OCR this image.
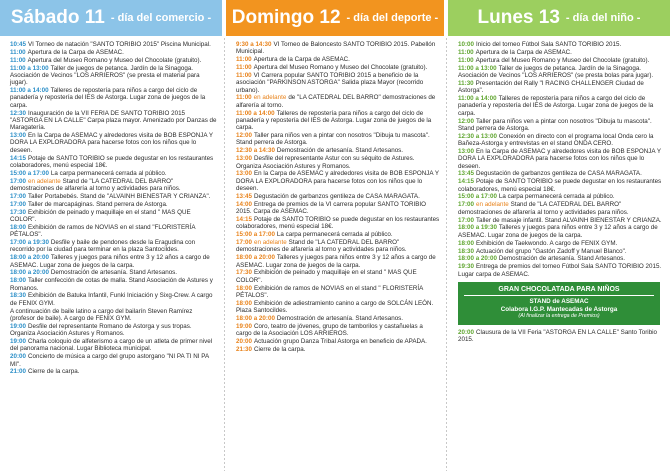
Sábado 11 - día del comercio -
10:45 VI Torneo de natación "SANTO TORIBIO 2015" Piscina Municipal.
11:00 Apertura de la Carpa de ASEMAC.
11:00 Apertura del Museo Romano y Museo del Chocolate (gratuito).
11:00 a 13:00 Taller de juegos de petanca. Jardín de la Sinagoga. Asociación de Vecinos "LOS ARRIEROS" (se presta el material para jugar).
11:00 a 14:00 Talleres de repostería para niños a cargo del ciclo de panadería y repostería del IES de Astorga. Lugar zona de juegos de la carpa.
12:30 Inauguración de la VII FERIA DE SANTO TORIBIO 2015 "ASTORGA EN LA CALLE" Carpa plaza mayor. Amenizado por Danzas de Maragatería.
13:00 En la Carpa de ASEMAC y alrededores visita de BOB ESPONJA Y DORA LA EXPLORADORA para hacerse fotos con los niños que lo deseen.
14:15 Potaje de SANTO TORIBIO se puede degustar en los restaurantes colaboradores, menú especial 18€.
15:00 a 17:00 La carpa permanecerá cerrada al público.
17:00 en adelante Stand de "LA CATEDRAL DEL BARRO" demostraciones de alfarería al torno y actividades para niños.
17:00 Taller Portabebés. Stand de "ALVAINH BIENESTAR Y CRIANZA".
17:00 Taller de marcapáginas. Stand perrera de Astorga.
17:30 Exhibición de peinado y maquillaje en el stand " MAS QUE COLOR".
18:00 Exhibición de ramos de NOVIAS en el stand "FLORISTERÍA PÉTALOS".
17:00 a 19:30 Desfile y baile de pendones desde la Eragudina con recorrido por la ciudad para terminar en la plaza Santocildes.
18:00 a 20:00 Talleres y juegos para niños entre 3 y 12 años a cargo de ASEMAC. Lugar zona de juegos de la carpa.
18:00 a 20:00 Demostración de artesanía. Stand Artesanos.
18:00 Taller confección de cotas de malla. Stand Asociación de Astures y Romanos.
18:30 Exhibición de Batuka Infantil, Funki Iniciación y Sixg-Crew. A cargo de FENIX GYM.
A continuación de baile latino a cargo del bailarín Steven Ramírez (profesor de baile). A cargo de FENIX GYM.
19:00 Desfile del representante Romano de Astorga y sus tropas. Organiza Asociación Astures y Romanos.
19:00 Charla coloquio de alfeterismo a cargo de un atleta de primer nivel del panorama nacional. Lugar Biblioteca municipal.
20:00 Concierto de música a cargo del grupo astorgano "NI PA TI NI PA MI".
21:00 Cierre de la carpa.
Domingo 12 - día del deporte -
9:30 a 14:30 VI Torneo de Baloncesto SANTO TORIBIO 2015. Pabellón Municipal.
11:00 Apertura de la Carpa de ASEMAC.
11:00 Apertura del Museo Romano y Museo del Chocolate (gratuito).
11:00 VI Carrera popular SANTO TORIBIO 2015 a beneficio de la asociación "PARKINSON ASTORGA" Salida plaza Mayor (recorrido urbano).
11:00 en adelante de "LA CATEDRAL DEL BARRO" demostraciones de alfarería al torno.
11:00 a 14:00 Talleres de repostería para niños a cargo del ciclo de panadería y repostería del IES de Astorga. Lugar zona de juegos de la carpa.
12:00 Taller para niños ven a pintar con nosotros "Dibuja tu mascota". Stand perrera de Astorga.
12:30 a 14:30 Demostración de artesanía. Stand Artesanos.
13:00 Desfile del representante Astur con su séquito de Astures. Organiza Asociación Astures y Romanos.
13:00 En la Carpa de ASEMAC y alrededores visita de BOB ESPONJA Y DORA LA EXPLORADORA para hacerse fotos con los niños que lo deseen.
13:45 Degustación de garbanzos gentileza de CASA MARAGATA.
14:00 Entrega de premios de la VI carrera popular SANTO TORIBIO 2015. Carpa de ASEMAC.
14:15 Potaje de SANTO TORIBIO se puede degustar en los restaurantes colaboradores, menú especial 18€.
15:00 a 17:00 La carpa permanecerá cerrada al público.
17:00 en adelante Stand de "LA CATEDRAL DEL BARRO" demostraciones de alfarería al torno y actividades para niños.
18:00 a 20:00 Talleres y juegos para niños entre 3 y 12 años a cargo de ASEMAC. Lugar zona de juegos de la carpa.
17:30 Exhibición de peinado y maquillaje en el stand " MAS QUE COLOR".
18:00 Exhibición de ramos de NOVIAS en el stand " FLORISTERÍA PÉTALOS".
18:00 Exhibición de adiestramiento canino a cargo de SOLCÁN LEÓN. Plaza Santocildes.
18:00 a 20:00 Demostración de artesanía. Stand Artesanos.
19:00 Coro, teatro de jóvenes, grupo de tamborilos y castañuelas a cargo de la Asociación LOS ARRIEROS.
20:00 Actuación grupo Danza Tribal Astorga en beneficio de APADA.
21:30 Cierre de la carpa.
Lunes 13 - día del niño -
10:00 Inicio del torneo Fútbol Sala SANTO TORIBIO 2015.
11:00 Apertura de la Carpa de ASEMAC.
11:00 Apertura del Museo Romano y Museo del Chocolate (gratuito).
11:00 a 13:00 Taller de juegos de petanca. Jardín de la Sinagoga. Asociación de Vecinos "LOS ARRIEROS" (se presta bolas para jugar).
11:30 Presentación del Rally "I RACING CHALLENGER Ciudad de Astorga".
11:00 a 14:00 Talleres de repostería para niños a cargo del ciclo de panadería y repostería del IES de Astorga. Lugar zona de juegos de la carpa.
12:00 Taller para niños ven a pintar con nosotros "Dibuja tu mascota". Stand perrera de Astorga.
12:30 a 13:00 Conexión en directo con el programa local Onda cero la Bañeza-Astorga y entrevistas en el stand ONDA CERO.
13:00 En la Carpa de ASEMAC y alrededores visita de BOB ESPONJA Y DORA LA EXPLORADORA para hacerse fotos con los niños que lo deseen.
13:45 Degustación de garbanzos gentileza de CASA MARAGATA.
14:15 Potaje de SANTO TORIBIO se puede degustar en los restaurantes colaboradores, menú especial 18€.
15:00 a 17:00 La carpa permanecerá cerrada al público.
17:00 en adelante Stand de "LA CATEDRAL DEL BARRO" demostraciones de alfarería al torno y actividades para niños.
17:00 Taller de masaje infantil. Stand ALVAINH BIENESTAR Y CRIANZA.
18:00 a 19:30 Talleres y juegos para niños entre 3 y 12 años a cargo de ASEMAC. Lugar zona de juegos de la carpa.
18:00 Exhibición de Taekwondo. A cargo de FENIX GYM.
18:30 Actuación del grupo "Gastón Zadoff y Manuel Blanco".
18:00 a 20:00 Demostración de artesanía. Stand Artesanos.
19:30 Entrega de premios del torneo Fútbol Sala SANTO TORIBIO 2015. Lugar carpa de ASEMAC.
GRAN CHOCOLATADA PARA NIÑOS
STAND de ASEMAC
Colabora I.G.P. Mantecadas de Astorga
(Al finalizar la entrega de Premios)
20:00 Clausura de la VII Feria "ASTORGA EN LA CALLE" Santo Toribio 2015.
